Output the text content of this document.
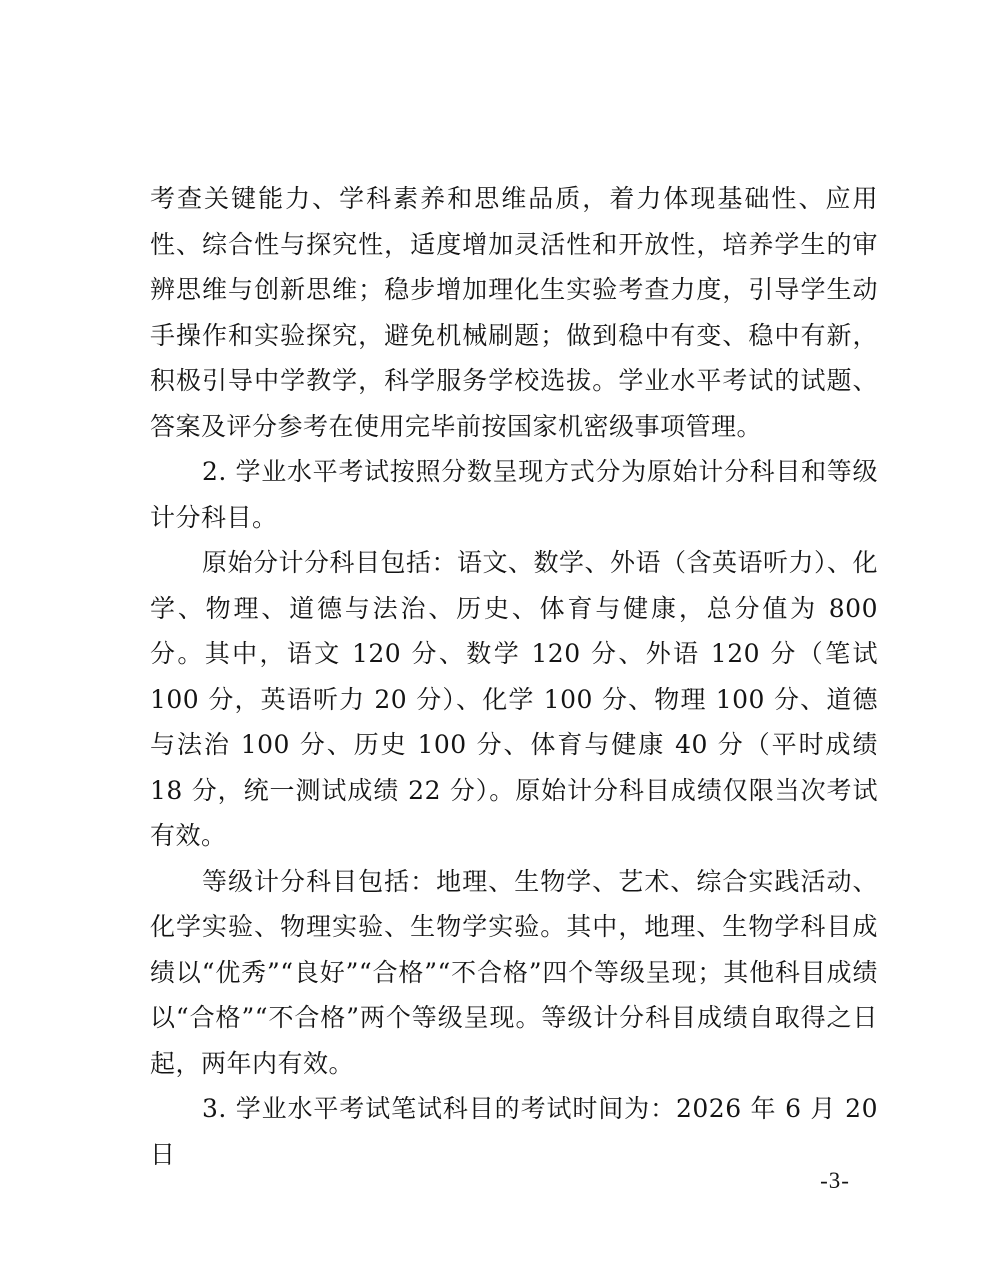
考查关键能力、学科素养和思维品质，着力体现基础性、应用性、综合性与探究性，适度增加灵活性和开放性，培养学生的审辨思维与创新思维；稳步增加理化生实验考查力度，引导学生动手操作和实验探究，避免机械刷题；做到稳中有变、稳中有新，积极引导中学教学，科学服务学校选拔。学业水平考试的试题、答案及评分参考在使用完毕前按国家机密级事项管理。

2. 学业水平考试按照分数呈现方式分为原始计分科目和等级计分科目。

原始分计分科目包括：语文、数学、外语（含英语听力）、化学、物理、道德与法治、历史、体育与健康，总分值为 800 分。其中，语文 120 分、数学 120 分、外语 120 分（笔试 100 分，英语听力 20 分）、化学 100 分、物理 100 分、道德与法治 100 分、历史 100 分、体育与健康 40 分（平时成绩 18 分，统一测试成绩 22 分）。原始计分科目成绩仅限当次考试有效。

等级计分科目包括：地理、生物学、艺术、综合实践活动、化学实验、物理实验、生物学实验。其中，地理、生物学科目成绩以“优秀”“良好”“合格”“不合格”四个等级呈现；其他科目成绩以“合格”“不合格”两个等级呈现。等级计分科目成绩自取得之日起，两年内有效。

3. 学业水平考试笔试科目的考试时间为：2026 年 6 月 20 日

-3-
